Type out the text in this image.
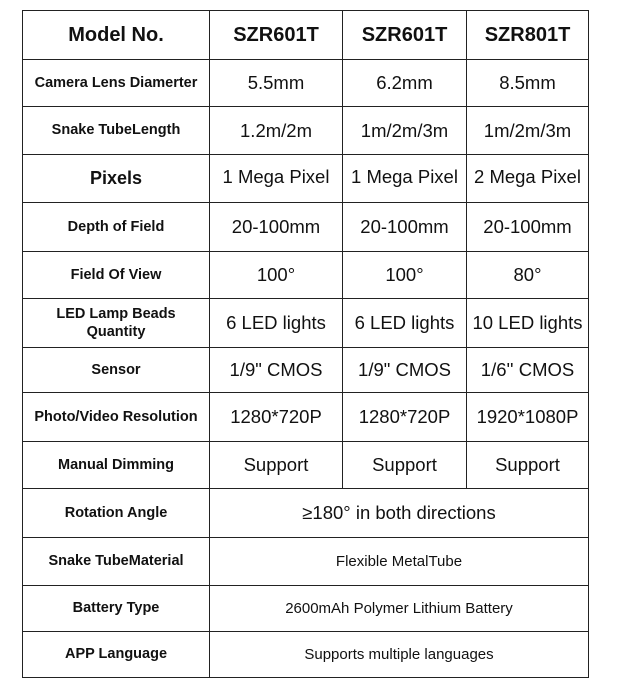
Model No.	SZR601T	SZR601T	SZR801T
Camera Lens Diamerter	5.5mm	6.2mm	8.5mm
Snake TubeLength	1.2m/2m	1m/2m/3m	1m/2m/3m
Pixels	1 Mega Pixel	1 Mega Pixel	2 Mega Pixel
Depth of Field	20-100mm	20-100mm	20-100mm
Field Of View	100°	100°	80°
LED Lamp Beads Quantity	6 LED lights	6 LED lights	10 LED lights
Sensor	1/9" CMOS	1/9" CMOS	1/6'' CMOS
Photo/Video Resolution	1280*720P	1280*720P	1920*1080P
Manual Dimming	Support	Support	Support
Rotation Angle	≥180° in both directions		
Snake TubeMaterial	Flexible MetalTube		
Battery Type	2600mAh Polymer Lithium Battery		
APP Language	Supports multiple languages		
